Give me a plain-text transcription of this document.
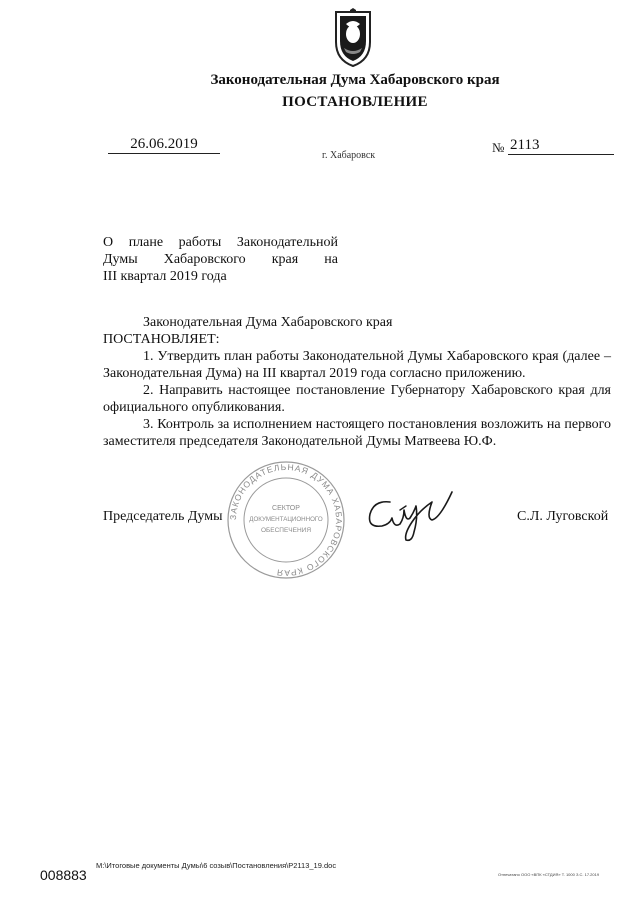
Законодательная Дума Хабаровского края
ПОСТАНОВЛЕНИЕ
26.06.2019
г. Хабаровск
№ 2113
О плане работы Законодательной
Думы Хабаровского края на
III квартал 2019 года

Законодательная Дума Хабаровского края

ПОСТАНОВЛЯЕТ:

1. Утвердить план работы Законодательной Думы Хабаровского края (далее – Законодательная Дума) на III квартал 2019 года согласно приложению.

2. Направить настоящее постановление Губернатору Хабаровского края для официального опубликования.

3. Контроль за исполнением настоящего постановления возложить на первого заместителя председателя Законодательной Думы Матвеева Ю.Ф.

Председатель Думы ЗАКОНОДАТЕЛЬНАЯ ДУМА ХАБАРОВСКОГО КРАЯ
СЕКТОР
ДОКУМЕНТАЦИОННОГО
ОБЕСПЕЧЕНИЯ
С.Л. Луговской
008883
M:\Итоговые документы Думы\6 созыв\Постановления\P2113_19.doc
Отпечатано ООО «ВПК «СТДИЯ» Т. 1000 З.С. 17.2019
